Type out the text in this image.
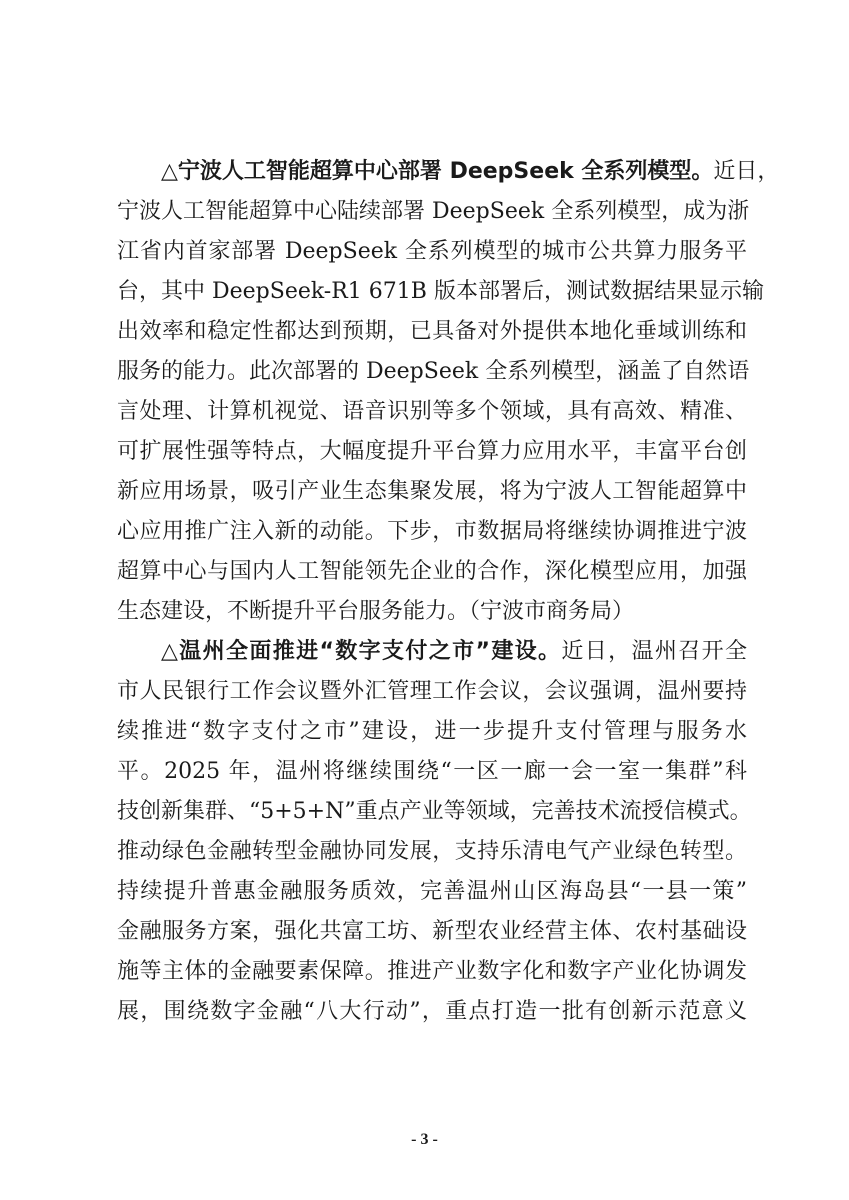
△宁波人工智能超算中心部署 DeepSeek 全系列模型。近日，
宁波人工智能超算中心陆续部署 DeepSeek 全系列模型，成为浙
江省内首家部署 DeepSeek 全系列模型的城市公共算力服务平
台，其中 DeepSeek-R1 671B 版本部署后，测试数据结果显示输
出效率和稳定性都达到预期，已具备对外提供本地化垂域训练和
服务的能力。此次部署的 DeepSeek 全系列模型，涵盖了自然语
言处理、计算机视觉、语音识别等多个领域，具有高效、精准、
可扩展性强等特点，大幅度提升平台算力应用水平，丰富平台创
新应用场景，吸引产业生态集聚发展，将为宁波人工智能超算中
心应用推广注入新的动能。下步，市数据局将继续协调推进宁波
超算中心与国内人工智能领先企业的合作，深化模型应用，加强
生态建设，不断提升平台服务能力。（宁波市商务局）
△温州全面推进“数字支付之市”建设。近日，温州召开全
市人民银行工作会议暨外汇管理工作会议，会议强调，温州要持
续推进“数字支付之市”建设，进一步提升支付管理与服务水
平。2025 年，温州将继续围绕“一区一廊一会一室一集群”科
技创新集群、“5+5+N”重点产业等领域，完善技术流授信模式。
推动绿色金融转型金融协同发展，支持乐清电气产业绿色转型。
持续提升普惠金融服务质效，完善温州山区海岛县“一县一策”
金融服务方案，强化共富工坊、新型农业经营主体、农村基础设
施等主体的金融要素保障。推进产业数字化和数字产业化协调发
展，围绕数字金融“八大行动”，重点打造一批有创新示范意义
- 3 -
